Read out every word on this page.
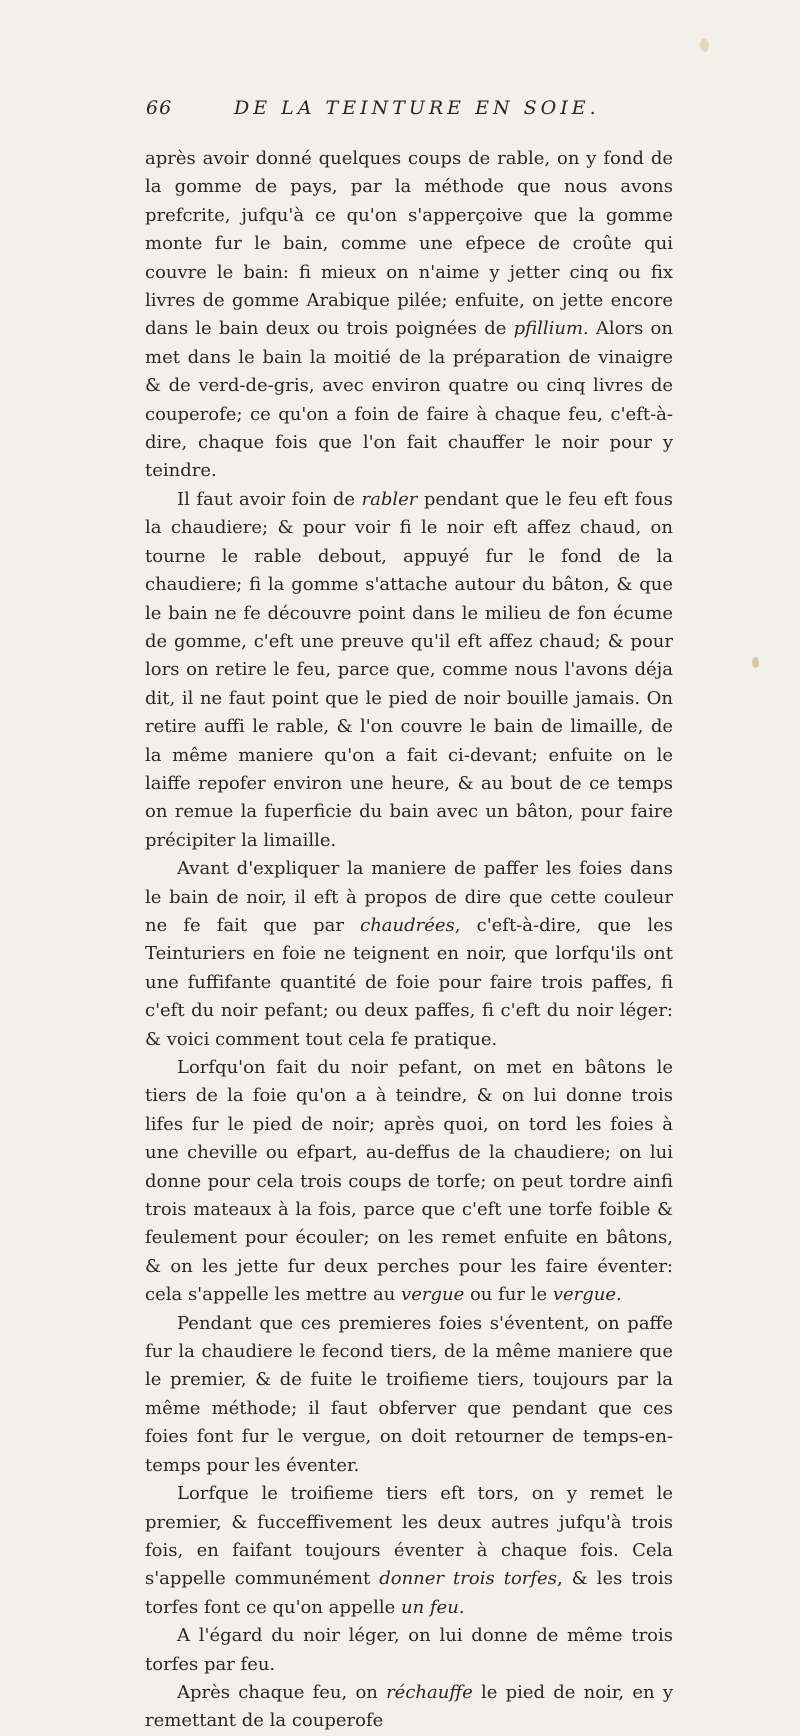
66	DE LA TEINTURE EN SOIE.

après avoir donné quelques coups de rable, on y fond de la gomme de pays, par la méthode que nous avons prefcrite, jufqu'à ce qu'on s'apperçoive que la gomme monte fur le bain, comme une efpece de croûte qui couvre le bain: fi mieux on n'aime y jetter cinq ou fix livres de gomme Arabique pilée; enfuite, on jette encore dans le bain deux ou trois poignées de pfillium. Alors on met dans le bain la moitié de la préparation de vinaigre & de verd-de-gris, avec environ quatre ou cinq livres de couperofe; ce qu'on a foin de faire à chaque feu, c'eft-à-dire, chaque fois que l'on fait chauffer le noir pour y teindre.

Il faut avoir foin de rabler pendant que le feu eft fous la chaudiere; & pour voir fi le noir eft affez chaud, on tourne le rable debout, appuyé fur le fond de la chaudiere; fi la gomme s'attache autour du bâton, & que le bain ne fe découvre point dans le milieu de fon écume de gomme, c'eft une preuve qu'il eft affez chaud; & pour lors on retire le feu, parce que, comme nous l'avons déja dit, il ne faut point que le pied de noir bouille jamais. On retire auffi le rable, & l'on couvre le bain de limaille, de la même maniere qu'on a fait ci-devant; enfuite on le laiffe repofer environ une heure, & au bout de ce temps on remue la fuperficie du bain avec un bâton, pour faire précipiter la limaille.

Avant d'expliquer la maniere de paffer les foies dans le bain de noir, il eft à propos de dire que cette couleur ne fe fait que par chaudrées, c'eft-à-dire, que les Teinturiers en foie ne teignent en noir, que lorfqu'ils ont une fuffifante quantité de foie pour faire trois paffes, fi c'eft du noir pefant; ou deux paffes, fi c'eft du noir léger: & voici comment tout cela fe pratique.

Lorfqu'on fait du noir pefant, on met en bâtons le tiers de la foie qu'on a à teindre, & on lui donne trois lifes fur le pied de noir; après quoi, on tord les foies à une cheville ou efpart, au-deffus de la chaudiere; on lui donne pour cela trois coups de torfe; on peut tordre ainfi trois mateaux à la fois, parce que c'eft une torfe foible & feulement pour écouler; on les remet enfuite en bâtons, & on les jette fur deux perches pour les faire éventer: cela s'appelle les mettre au vergue ou fur le vergue.

Pendant que ces premieres foies s'éventent, on paffe fur la chaudiere le fecond tiers, de la même maniere que le premier, & de fuite le troifieme tiers, toujours par la même méthode; il faut obferver que pendant que ces foies font fur le vergue, on doit retourner de temps-en-temps pour les éventer.

Lorfque le troifieme tiers eft tors, on y remet le premier, & fucceffivement les deux autres jufqu'à trois fois, en faifant toujours éventer à chaque fois. Cela s'appelle communément donner trois torfes, & les trois torfes font ce qu'on appelle un feu.

A l'égard du noir léger, on lui donne de même trois torfes par feu.

Après chaque feu, on réchauffe le pied de noir, en y remettant de la couperofe
